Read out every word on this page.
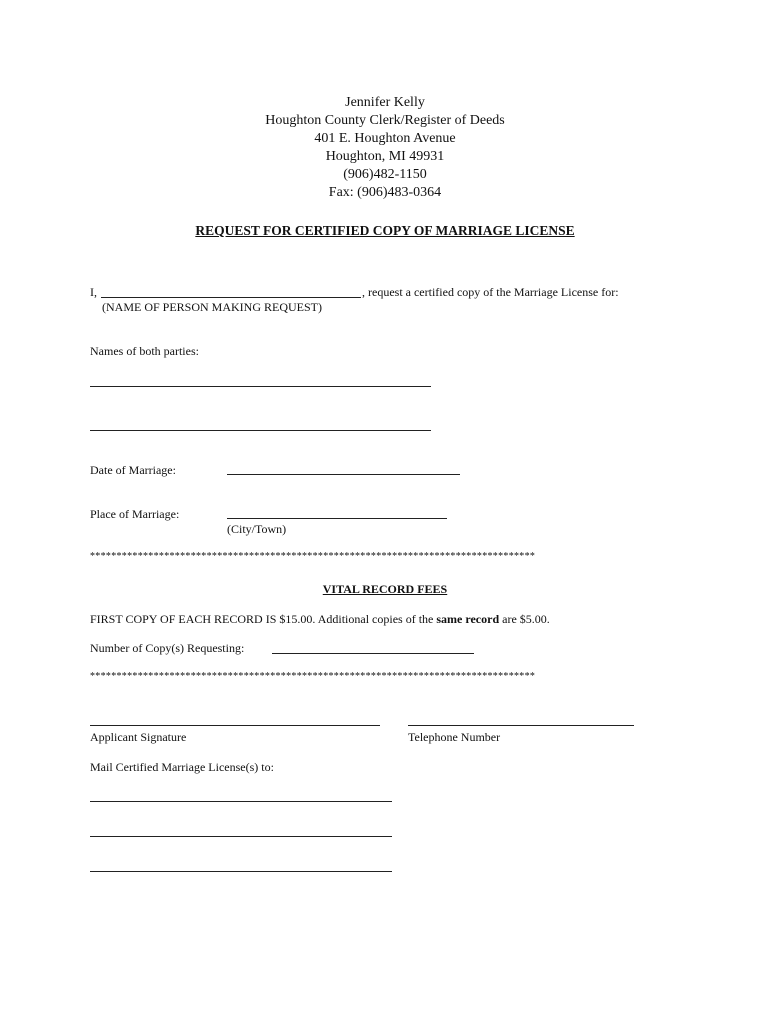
Jennifer Kelly
Houghton County Clerk/Register of Deeds
401 E. Houghton Avenue
Houghton, MI 49931
(906)482-1150
Fax: (906)483-0364
REQUEST FOR CERTIFIED COPY OF MARRIAGE LICENSE
I,	, request a certified copy of the Marriage License for:
(NAME OF PERSON MAKING REQUEST)
Names of both parties:
Date of Marriage:
Place of Marriage:
(City/Town)
************************************************************************************
VITAL RECORD FEES
FIRST COPY OF EACH RECORD IS $15.00. Additional copies of the same record are $5.00.
Number of Copy(s) Requesting:
************************************************************************************
Applicant Signature	Telephone Number
Mail Certified Marriage License(s) to:
